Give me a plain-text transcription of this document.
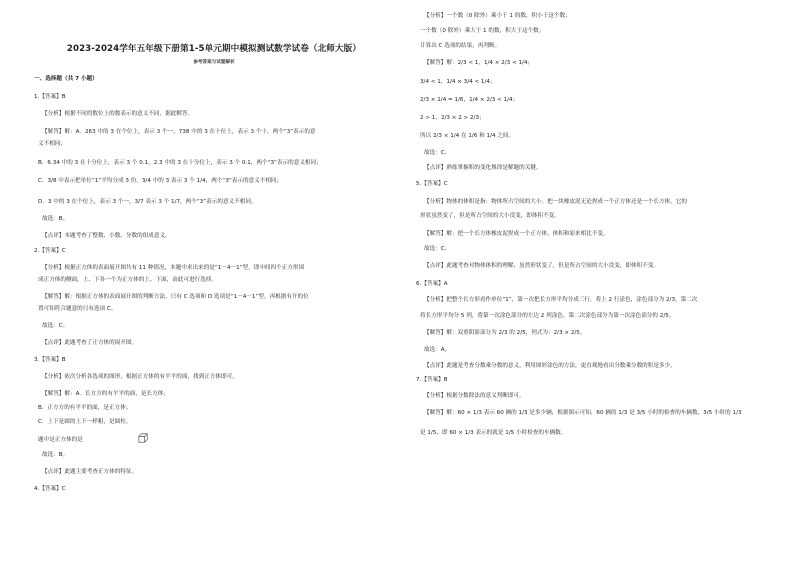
2023-2024学年五年级下册第1-5单元期中模拟测试数学试卷（北师大版）
参考答案与试题解析
一、选择题（共 7 小题）
1.【答案】B
【分析】根据不同的数位上的数表示的意义不同，据此解答。
【解答】解：A．263 中的 3 在个位上，表示 3 个一，738 中的 3 在十位上，表示 3 个十，两个“3”表示的意
义不相同；
B．6.34 中的 3 在十分位上，表示 3 个 0.1，2.3 中的 3 在十分位上，表示 3 个 0.1，两个“3”表示的意义相同；
C．3/8 中表示把单位“1”平均分成 3 份，3/4 中的 3 表示 3 个 1/4，两个“3”表示的意义不相同；
D．3 中的 3 在个位上，表示 3 个一，3/7 表示 3 个 1/7，两个“3”表示的意义不相同。
故选：B。
【点评】本题考查了整数、小数、分数的组成意义。
2.【答案】C
【分析】根据正方体的表面展开图共有 11 种情况，本题中求出来的是“1－4－1”型，即中间四个正方形围
成正方体的侧面，上、下各一个为正方体的上、下面，由此可进行选择。
【解答】解：根据正方体的表面展开图的判断方法，只有 C 选项和 D 选项是“1－4－1”型，再根据有开的位
置可知符合题意的只有选项 C。
故选：C。
【点评】此题考查了正方体的展开图。
3.【答案】B
【分析】依次分析各选项的图形，根据正方体的有平平的面，找到正方体即可。
【解答】解：A．长方方的有平平的面，是长方体；
B．正方方的有平平的面，是正方体；
C．上下是圆的上下一样粗，是圆柱。
题中是正方体的是
故选：B。
【点评】此题主要考查正方体的特征。
4.【答案】C
【分析】一个数（0 除外）乘小于 1 的数，积小于这个数；
一个数（0 除外）乘大于 1 的数，积大于这个数；
计算出 C 选项的结果，再判断。
【解答】解：2/3 < 1，1/4 × 2/3 < 1/4；
3/4 < 1，1/4 × 3/4 < 1/4；
2/3 × 1/4 = 1/6，1/4 × 2/3 < 1/4；
2 > 1，2/3 × 2 > 2/3；
所以 2/3 × 1/4 在 1/6 和 1/4 之间。
故选：C。
【点评】熟练掌握积的变化规律是解题的关键。
5.【答案】C
【分析】物体的体积是指：物体所占空间的大小。把一块橡皮泥无论捏成一个正方体还是一个长方体，它的
形状虽然变了，但是所占空间的大小没变，即体积不变。
【解答】解：把一个长方体橡皮泥捏成一个正方体，体积和原来相比不变。
故选：C。
【点评】此题考查对物体体积的理解，虽然形状变了，但是所占空间的大小没变，即体积不变。
6.【答案】A
【分析】把整个长方形看作单位“1”，第一次把长方形平均分成三行，将上 2 行涂色，涂色部分为 2/3，第二次
将长方形平均分 5 列，将第一次涂色部分的左边 2 列涂色，第二次涂色部分为第一次涂色部分的 2/5。
【解答】解：双重阴影部分为 2/3 的 2/5，列式为：2/3 × 2/5。
故选：A。
【点评】此题是考查分数乘分数的意义，利用图形涂色的方法，更直观地看出分数乘分数的积是多少。
7.【答案】B
【分析】根据分数除法的意义判断即可。
【解答】解：60 × 1/3 表示 60 辆的 1/3 是多少辆，根据图示可知，60 辆的 1/3 是 3/5 小时的检查的车辆数，3/5 小时的 1/3
是 1/5，即 60 × 1/3 表示的就是 1/5 小时检查的车辆数。
